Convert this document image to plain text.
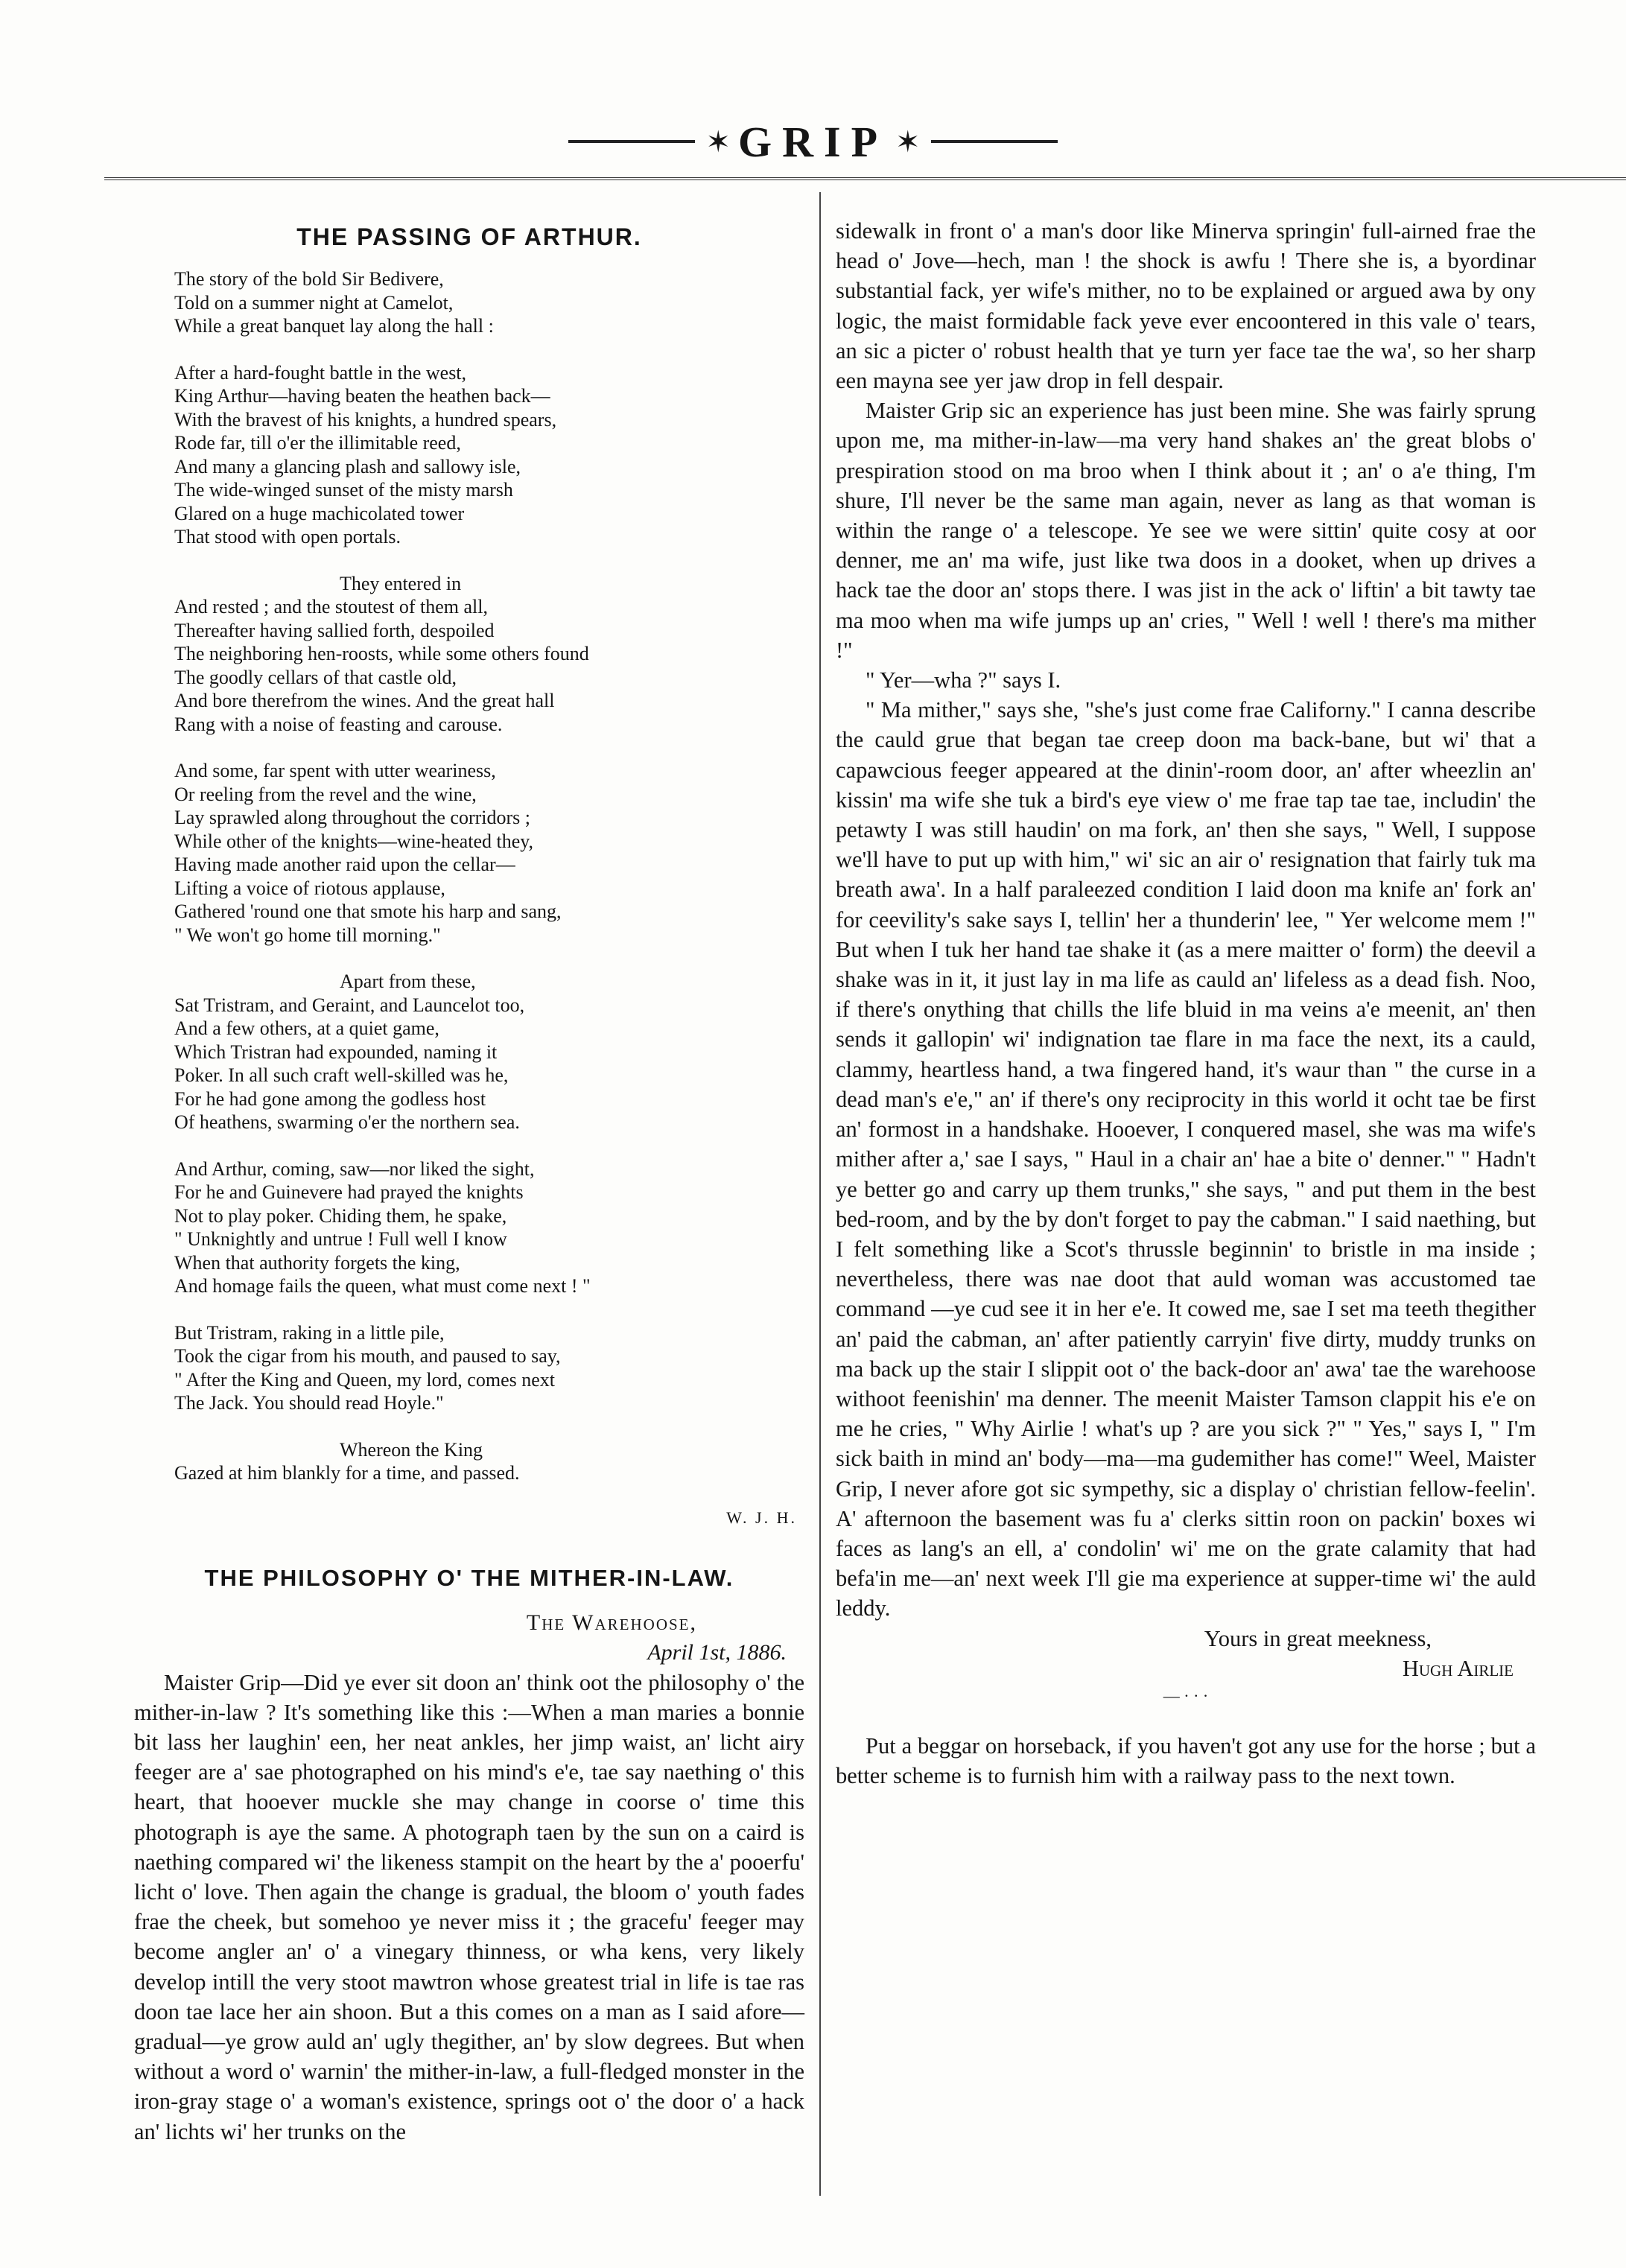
✶ GRIP ✶
THE PASSING OF ARTHUR.
The story of the bold Sir Bedivere,
Told on a summer night at Camelot,
While a great banquet lay along the hall :
After a hard-fought battle in the west,
King Arthur—having beaten the heathen back—
With the bravest of his knights, a hundred spears,
Rode far, till o'er the illimitable reed,
And many a glancing plash and sallowy isle,
The wide-winged sunset of the misty marsh
Glared on a huge machicolated tower
That stood with open portals.
They entered in
And rested ; and the stoutest of them all,
Thereafter having sallied forth, despoiled
The neighboring hen-roosts, while some others found
The goodly cellars of that castle old,
And bore therefrom the wines. And the great hall
Rang with a noise of feasting and carouse.
And some, far spent with utter weariness,
Or reeling from the revel and the wine,
Lay sprawled along throughout the corridors ;
While other of the knights—wine-heated they,
Having made another raid upon the cellar—
Lifting a voice of riotous applause,
Gathered 'round one that smote his harp and sang,
" We won't go home till morning."
Apart from these,
Sat Tristram, and Geraint, and Launcelot too,
And a few others, at a quiet game,
Which Tristran had expounded, naming it
Poker. In all such craft well-skilled was he,
For he had gone among the godless host
Of heathens, swarming o'er the northern sea.
And Arthur, coming, saw—nor liked the sight,
For he and Guinevere had prayed the knights
Not to play poker. Chiding them, he spake,
" Unknightly and untrue ! Full well I know
When that authority forgets the king,
And homage fails the queen, what must come next ! "
But Tristram, raking in a little pile,
Took the cigar from his mouth, and paused to say,
" After the King and Queen, my lord, comes next
The Jack. You should read Hoyle."
Whereon the King
Gazed at him blankly for a time, and passed.
W. J. H.
THE PHILOSOPHY O' THE MITHER-IN-LAW.
The Warehoose,
April 1st, 1886.

Maister Grip—Did ye ever sit doon an' think oot the philosophy o' the mither-in-law ? It's something like this :—When a man maries a bonnie bit lass her laughin' een, her neat ankles, her jimp waist, an' licht airy feeger are a' sae photographed on his mind's e'e, tae say naething o' this heart, that hooever muckle she may change in coorse o' time this photograph is aye the same. A photograph taen by the sun on a caird is naething compared wi' the likeness stampit on the heart by the a' pooerfu' licht o' love. Then again the change is gradual, the bloom o' youth fades frae the cheek, but somehoo ye never miss it ; the gracefu' feeger may become angler an' o' a vinegary thinness, or wha kens, very likely develop intill the very stoot mawtron whose greatest trial in life is tae ras doon tae lace her ain shoon. But a this comes on a man as I said afore—gradual—ye grow auld an' ugly thegither, an' by slow degrees. But when without a word o' warnin' the mither-in-law, a full-fledged monster in the iron-gray stage o' a woman's existence, springs oot o' the door o' a hack an' lichts wi' her trunks on the

sidewalk in front o' a man's door like Minerva springin' full-airned frae the head o' Jove—hech, man ! the shock is awfu ! There she is, a byordinar substantial fack, yer wife's mither, no to be explained or argued awa by ony logic, the maist formidable fack yeve ever encoontered in this vale o' tears, an sic a picter o' robust health that ye turn yer face tae the wa', so her sharp een mayna see yer jaw drop in fell despair.

Maister Grip sic an experience has just been mine. She was fairly sprung upon me, ma mither-in-law—ma very hand shakes an' the great blobs o' prespiration stood on ma broo when I think about it ; an' o a'e thing, I'm shure, I'll never be the same man again, never as lang as that woman is within the range o' a telescope. Ye see we were sittin' quite cosy at oor denner, me an' ma wife, just like twa doos in a dooket, when up drives a hack tae the door an' stops there. I was jist in the ack o' liftin' a bit tawty tae ma moo when ma wife jumps up an' cries, " Well ! well ! there's ma mither !"

" Yer—wha ?" says I.

" Ma mither," says she, "she's just come frae Californy." I canna describe the cauld grue that began tae creep doon ma back-bane, but wi' that a capawcious feeger appeared at the dinin'-room door, an' after wheezlin an' kissin' ma wife she tuk a bird's eye view o' me frae tap tae tae, includin' the petawty I was still haudin' on ma fork, an' then she says, " Well, I suppose we'll have to put up with him," wi' sic an air o' resignation that fairly tuk ma breath awa'. In a half paraleezed condition I laid doon ma knife an' fork an' for ceevility's sake says I, tellin' her a thunderin' lee, " Yer welcome mem !" But when I tuk her hand tae shake it (as a mere maitter o' form) the deevil a shake was in it, it just lay in ma life as cauld an' lifeless as a dead fish. Noo, if there's onything that chills the life bluid in ma veins a'e meenit, an' then sends it gallopin' wi' indignation tae flare in ma face the next, its a cauld, clammy, heartless hand, a twa fingered hand, it's waur than " the curse in a dead man's e'e," an' if there's ony reciprocity in this world it ocht tae be first an' formost in a handshake. Hooever, I conquered masel, she was ma wife's mither after a,' sae I says, " Haul in a chair an' hae a bite o' denner." " Hadn't ye better go and carry up them trunks," she says, " and put them in the best bed-room, and by the by don't forget to pay the cabman." I said naething, but I felt something like a Scot's thrussle beginnin' to bristle in ma inside ; nevertheless, there was nae doot that auld woman was accustomed tae command —ye cud see it in her e'e. It cowed me, sae I set ma teeth thegither an' paid the cabman, an' after patiently carryin' five dirty, muddy trunks on ma back up the stair I slippit oot o' the back-door an' awa' tae the warehoose withoot feenishin' ma denner. The meenit Maister Tamson clappit his e'e on me he cries, " Why Airlie ! what's up ? are you sick ?" " Yes," says I, " I'm sick baith in mind an' body—ma—ma gudemither has come!" Weel, Maister Grip, I never afore got sic sympethy, sic a display o' christian fellow-feelin'. A' afternoon the basement was fu a' clerks sittin roon on packin' boxes wi faces as lang's an ell, a' condolin' wi' me on the grate calamity that had befa'in me—an' next week I'll gie ma experience at supper-time wi' the auld leddy.

Yours in great meekness,
Hugh Airlie
— · · ·

Put a beggar on horseback, if you haven't got any use for the horse ; but a better scheme is to furnish him with a railway pass to the next town.
